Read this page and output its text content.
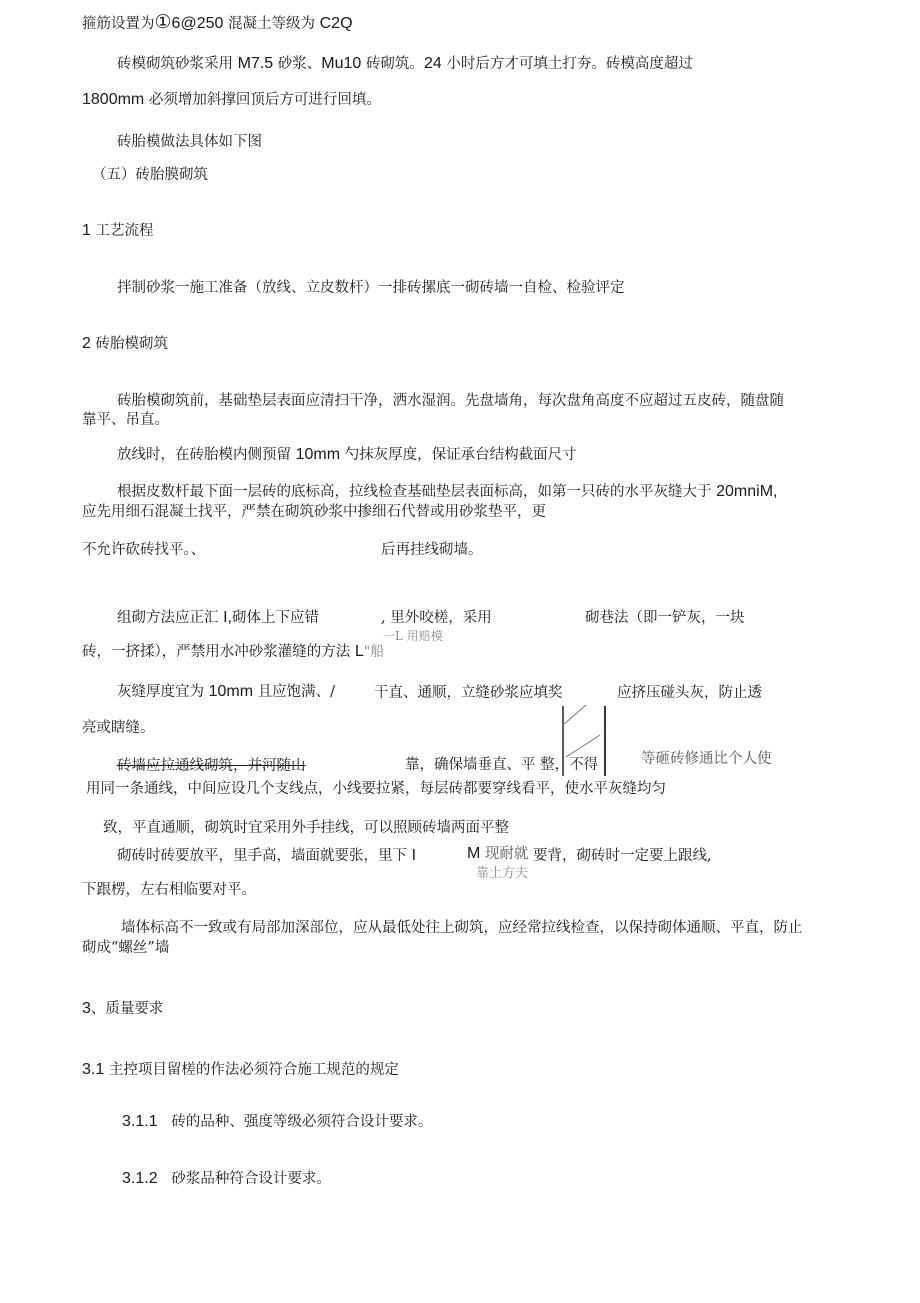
箍筋设置为①6@250 混凝土等级为 C2Q
砖模砌筑砂浆采用 M7.5 砂浆、Mu10 砖砌筑。24 小时后方才可填土打夯。砖模高度超过
1800mm 必须增加斜撑回顶后方可进行回填。
砖胎模做法具体如下图
（五）砖胎膜砌筑
1 工艺流程
拌制砂浆一施工准备（放线、立皮数杆）一排砖摞底一砌砖墙一自检、检验评定
2 砖胎模砌筑
砖胎模砌筑前，基础垫层表面应清扫干净，洒水湿润。先盘墙角，每次盘角高度不应超过五皮砖，随盘随
靠平、吊直。
放线时，在砖胎模内侧预留 10mm 勺抹灰厚度，保证承台结构截面尺寸
根据皮数杆最下面一层砖的底标高，拉线检查基础垫层表面标高，如第一只砖的水平灰缝大于 20mniM,
应先用细石混凝土找平，严禁在砌筑砂浆中掺细石代替或用砂浆垫平，更
不允许砍砖找平。、	后再挂线砌墙。
组砌方法应正汇 I,砌体上下应错	, 里外咬槎，采用	砌巷法（即一铲灰，一块
一L 用赔模
砖，一挤揉），严禁用水冲砂浆灌缝的方法 L"船
灰缝厚度宜为 10mm 且应饱满、/	干直、通顺，立缝砂浆应填奖	应挤压碰头灰，防止透
亮或瞎缝。
砖墙应拉通线砌筑，并河随山	靠，确保墙垂直、平 整，不得	等砸砖修通比个人使
用同一条通线，中间应设几个支线点，小线要拉紧，每层砖都要穿线看平，使水平灰缝均匀
致，平直通顺，砌筑时宜采用外手挂线，可以照顾砖墙两面平整
砌砖时砖要放平，里手高，墙面就要张，里下 I	M 现耐就 要背，砌砖时一定要上跟线,
靠土方夫
下跟楞，左右相临要对平。
墙体标高不一致或有局部加深部位，应从最低处往上砌筑，应经常拉线检查，以保持砌体通顺、平直，防止
砌成“螺丝”墙
3、质量要求
3.1 主控项目留槎的作法必须符合施工规范的规定
3.1.1   砖的品种、强度等级必须符合设计要求。
3.1.2   砂浆品种符合设计要求。
